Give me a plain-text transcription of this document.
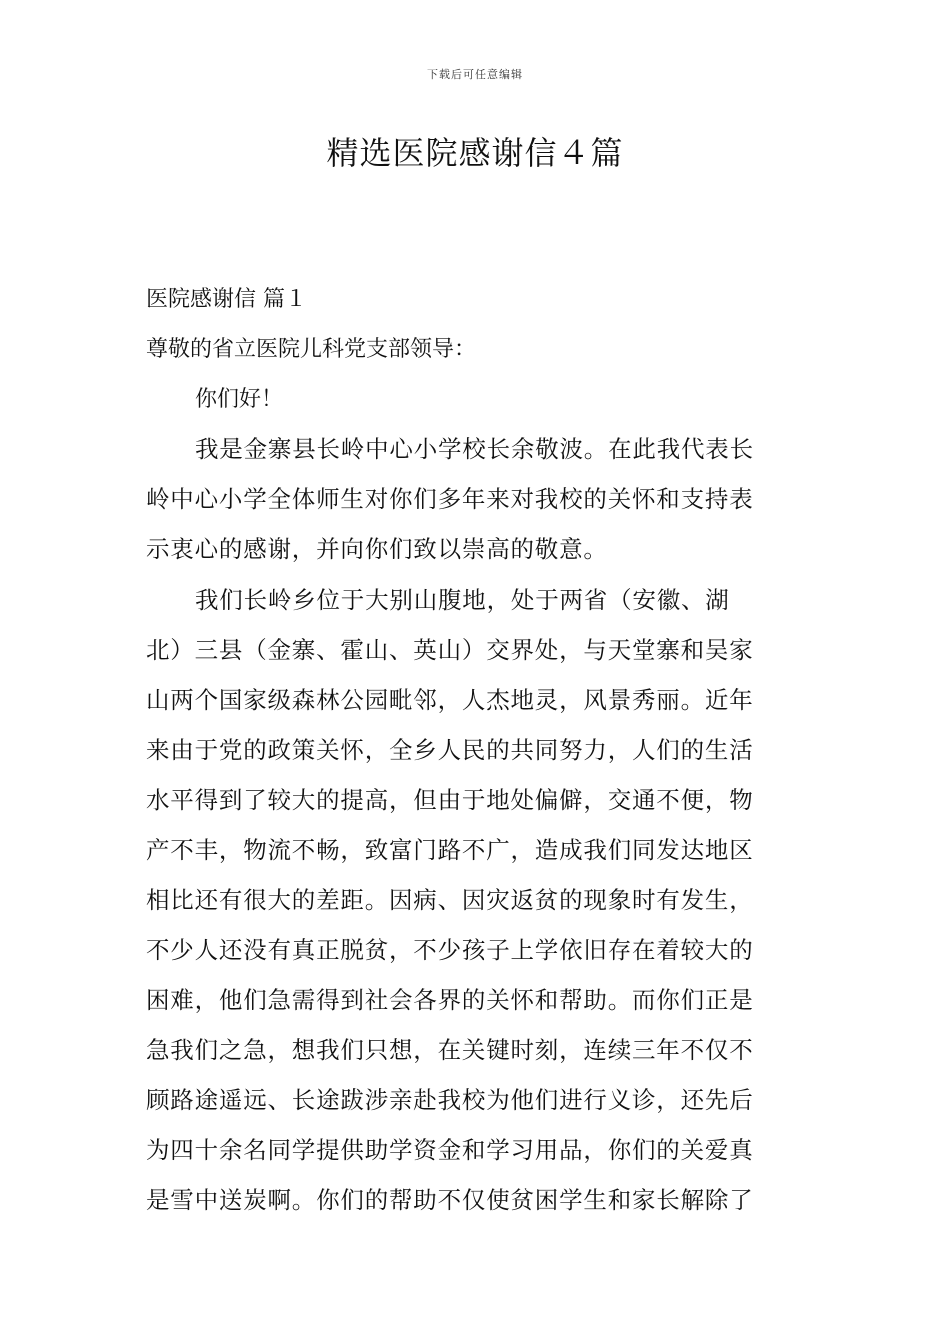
下载后可任意编辑
精选医院感谢信４篇
医院感谢信 篇１
尊敬的省立医院儿科党支部领导：
你们好！
我是金寨县长岭中心小学校长余敬波。在此我代表长
岭中心小学全体师生对你们多年来对我校的关怀和支持表
示衷心的感谢，并向你们致以崇高的敬意。
我们长岭乡位于大别山腹地，处于两省（安徽、湖
北）三县（金寨、霍山、英山）交界处，与天堂寨和吴家
山两个国家级森林公园毗邻，人杰地灵，风景秀丽。近年
来由于党的政策关怀，全乡人民的共同努力，人们的生活
水平得到了较大的提高，但由于地处偏僻，交通不便，物
产不丰，物流不畅，致富门路不广，造成我们同发达地区
相比还有很大的差距。因病、因灾返贫的现象时有发生，
不少人还没有真正脱贫，不少孩子上学依旧存在着较大的
困难，他们急需得到社会各界的关怀和帮助。而你们正是
急我们之急，想我们只想，在关键时刻，连续三年不仅不
顾路途遥远、长途跋涉亲赴我校为他们进行义诊，还先后
为四十余名同学提供助学资金和学习用品，你们的关爱真
是雪中送炭啊。你们的帮助不仅使贫困学生和家长解除了
